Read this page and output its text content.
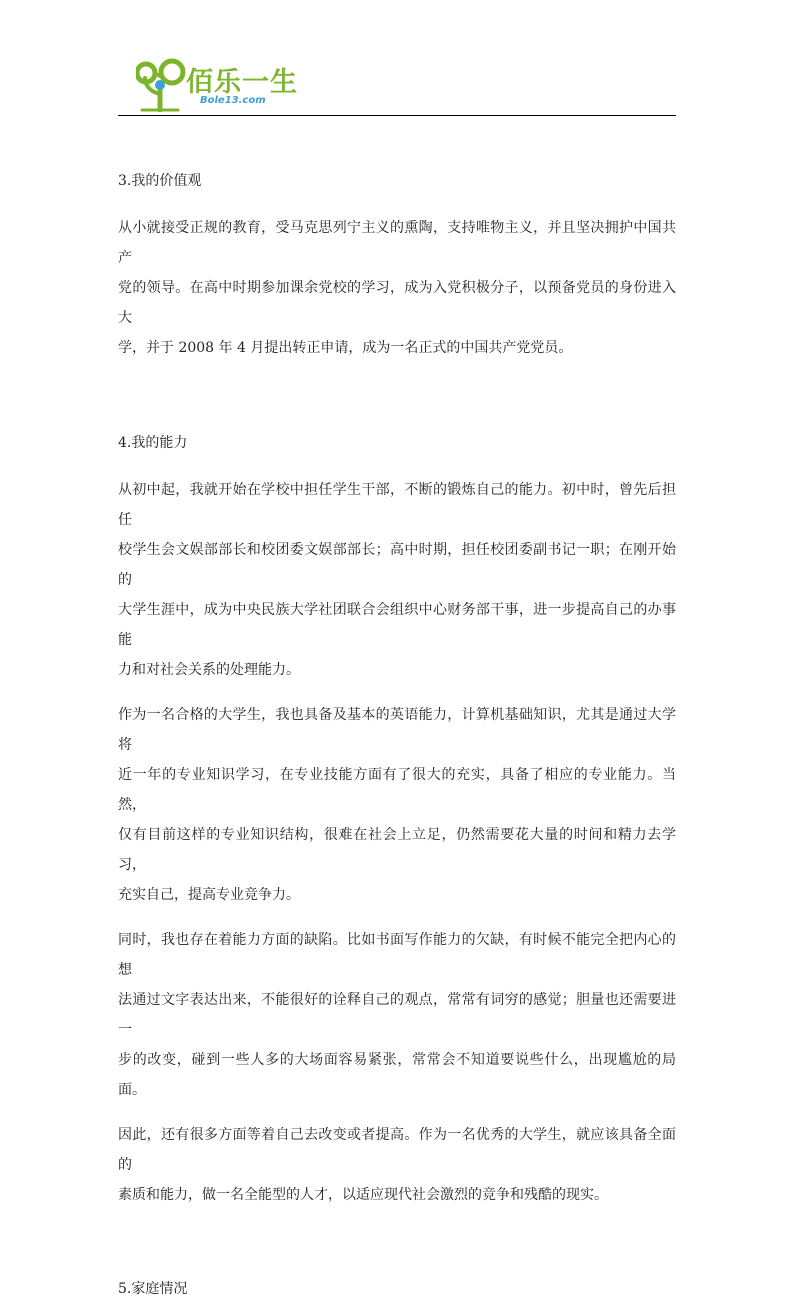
佰乐一生
Bole13.com
3.我的价值观

从小就接受正规的教育，受马克思列宁主义的熏陶，支持唯物主义，并且坚决拥护中国共产
党的领导。在高中时期参加课余党校的学习，成为入党积极分子，以预备党员的身份进入大
学，并于 2008 年 4 月提出转正申请，成为一名正式的中国共产党党员。

4.我的能力

从初中起，我就开始在学校中担任学生干部，不断的锻炼自己的能力。初中时，曾先后担任
校学生会文娱部部长和校团委文娱部部长；高中时期，担任校团委副书记一职；在刚开始的
大学生涯中，成为中央民族大学社团联合会组织中心财务部干事，进一步提高自己的办事能
力和对社会关系的处理能力。

作为一名合格的大学生，我也具备及基本的英语能力，计算机基础知识，尤其是通过大学将
近一年的专业知识学习，在专业技能方面有了很大的充实，具备了相应的专业能力。当然，
仅有目前这样的专业知识结构，很难在社会上立足，仍然需要花大量的时间和精力去学习，
充实自己，提高专业竞争力。

同时，我也存在着能力方面的缺陷。比如书面写作能力的欠缺，有时候不能完全把内心的想
法通过文字表达出来，不能很好的诠释自己的观点，常常有词穷的感觉；胆量也还需要进一
步的改变，碰到一些人多的大场面容易紧张，常常会不知道要说些什么，出现尴尬的局面。

因此，还有很多方面等着自己去改变或者提高。作为一名优秀的大学生，就应该具备全面的
素质和能力，做一名全能型的人才，以适应现代社会激烈的竞争和残酷的现实。

5.家庭情况
